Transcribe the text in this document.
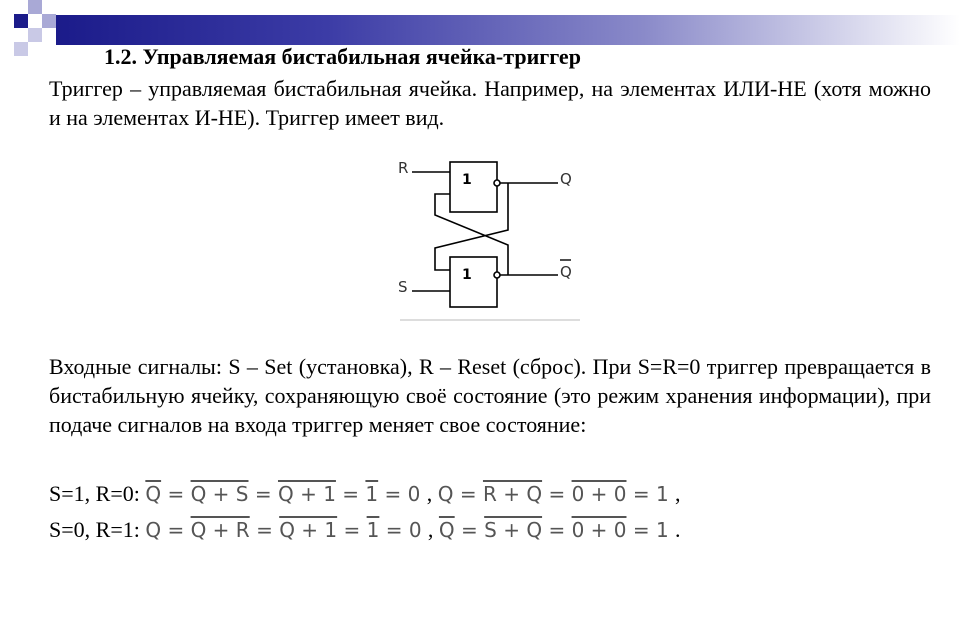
1.2. Управляемая бистабильная ячейка-триггер
Триггер – управляемая бистабильная ячейка. Например, на элементах ИЛИ-НЕ (хотя можно и на элементах И-НЕ). Триггер имеет вид.
1
1
R
S
Q
Q
Входные сигналы: S – Set (установка), R – Reset (сброс). При S=R=0 триггер превращается в бистабильную ячейку, сохраняющую своё состояние (это режим хранения информации), при подаче сигналов на входа триггер меняет свое состояние:
S=1, R=0: $\overline{Q} = Q + S = Q + 1 = 1 = 0$ , Q = R + Q = 0 + 0 = 1 ,
S=0, R=1: Q = Q + R = Q + 1 = 1 = 0 , $\overline{Q} = S + Q = 0 + 0 = 1$ .
